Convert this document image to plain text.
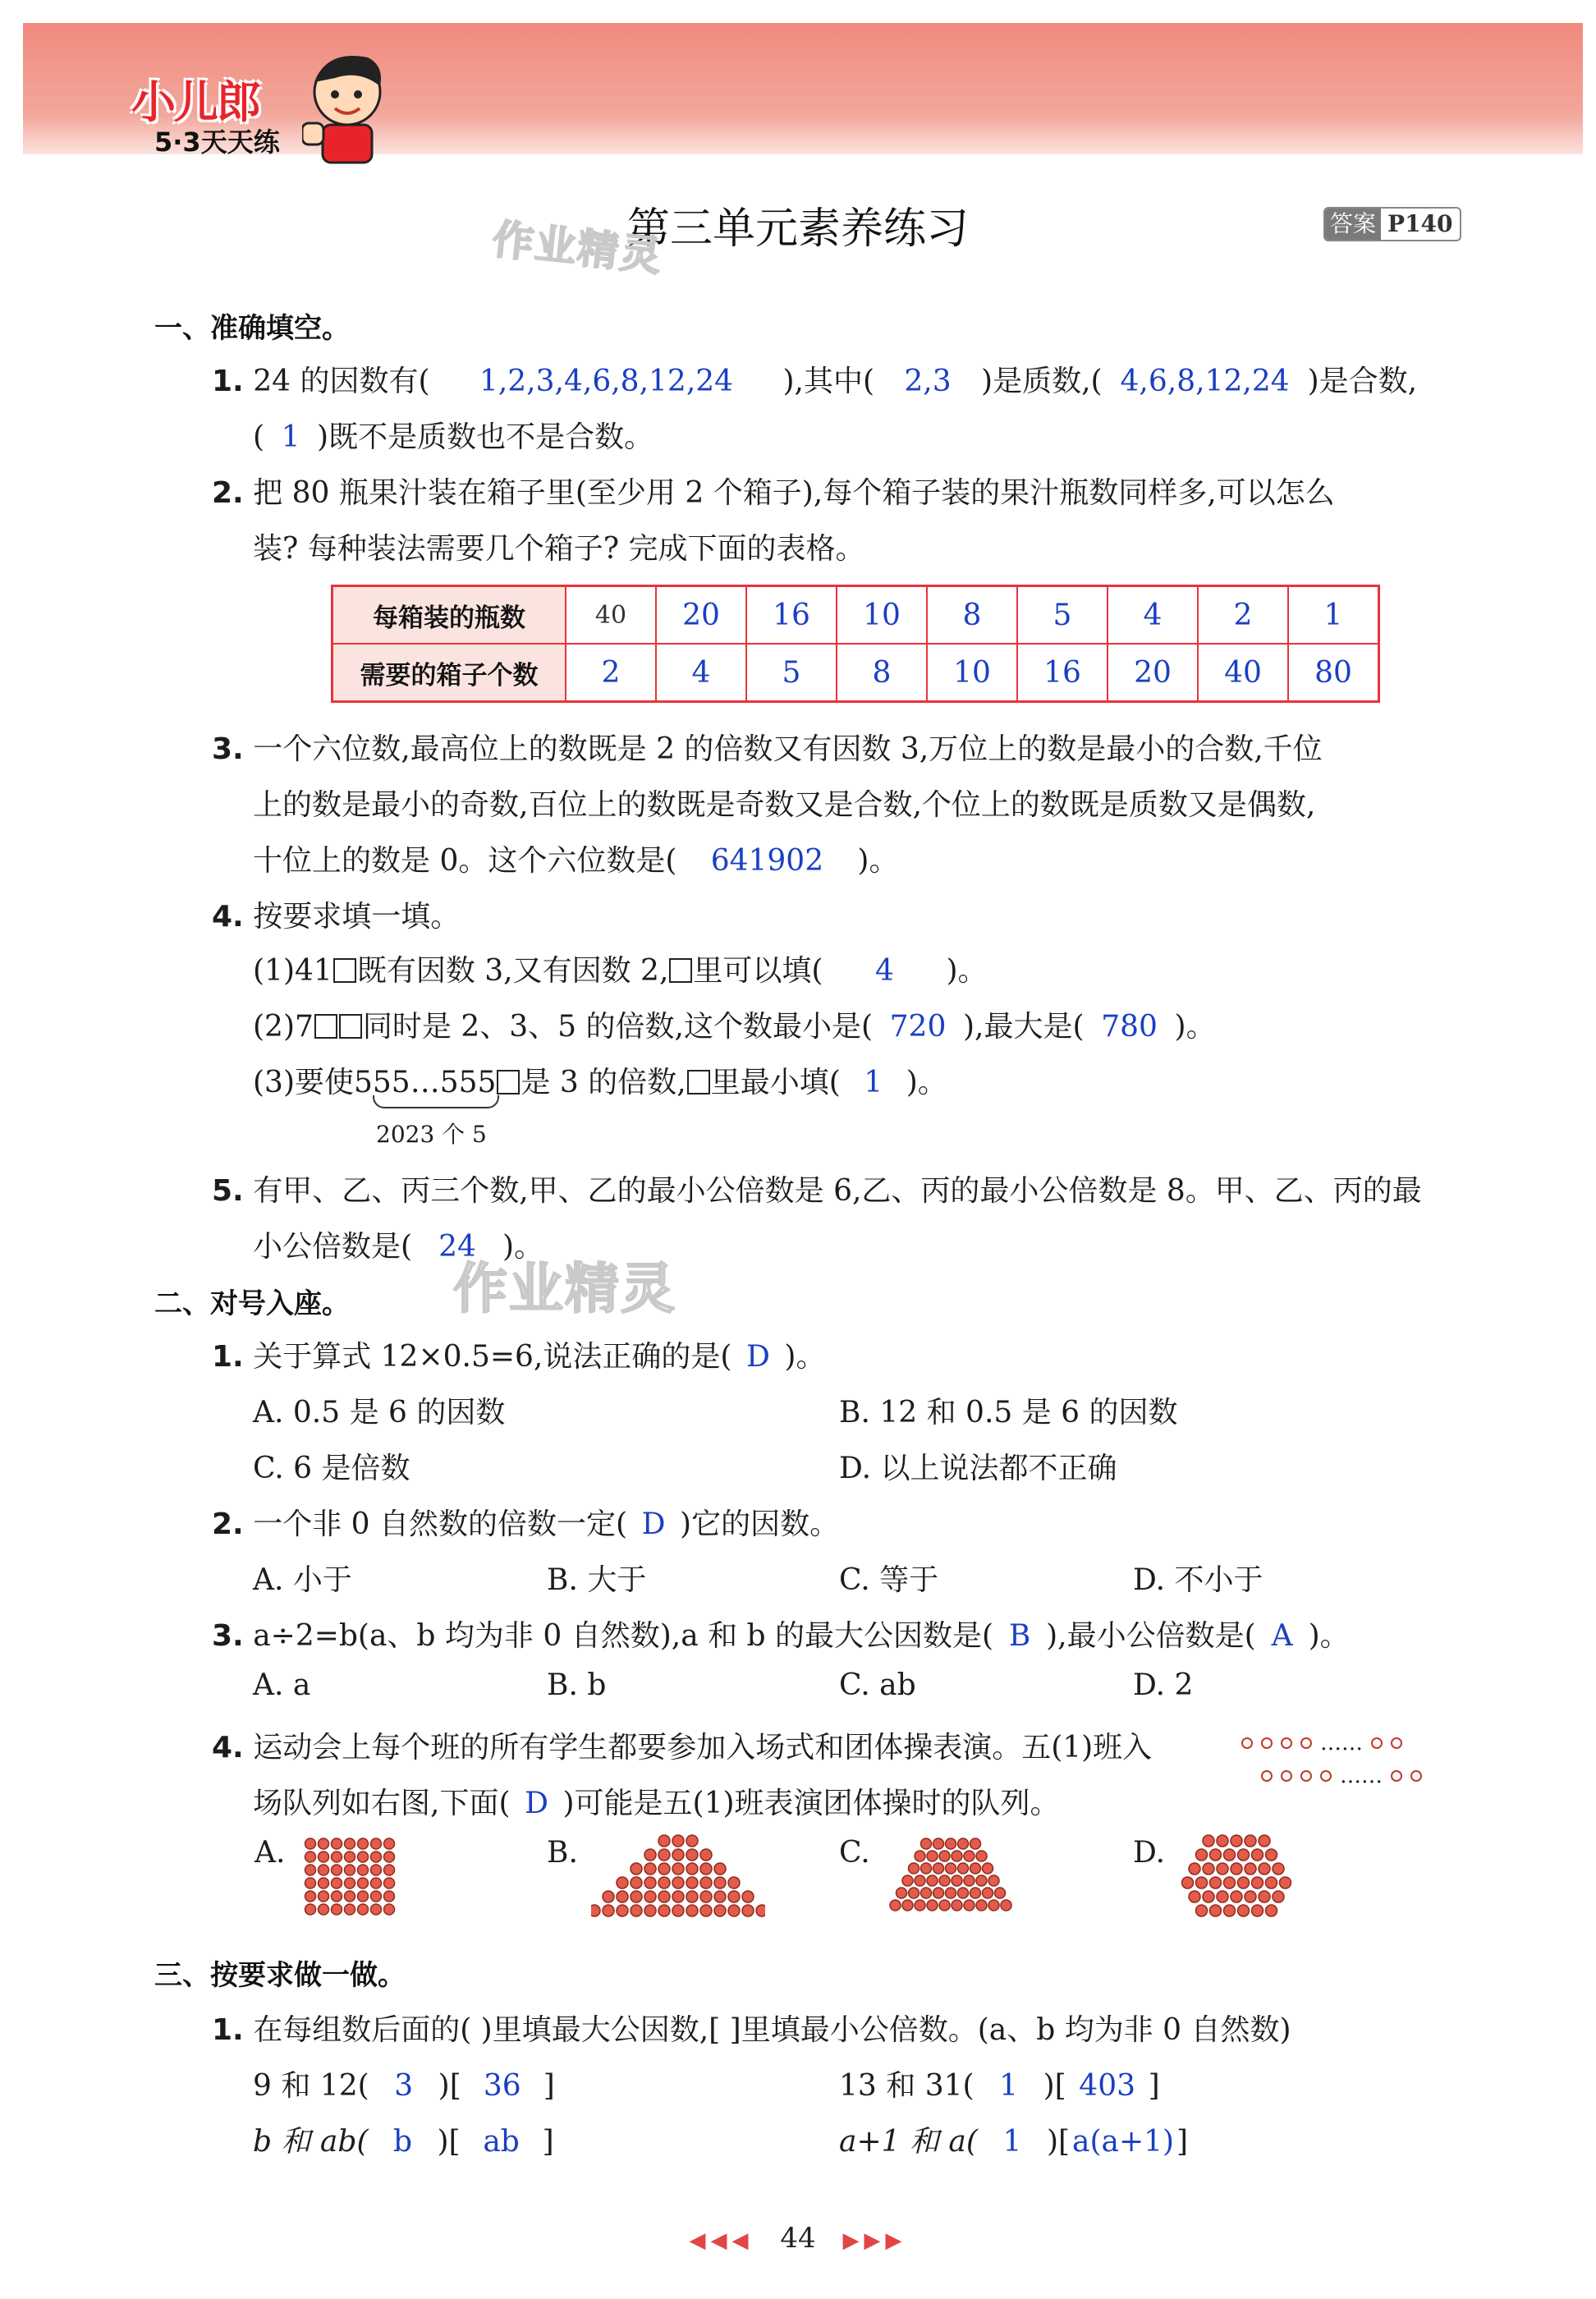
小儿郎
5·3天天练
第三单元素养练习	答案 P140
作业精灵
作业精灵
一、准确填空。
1. 24 的因数有( 1,2,3,4,6,8,12,24 ),其中( 2,3 )是质数,( 4,6,8,12,24 )是合数,
( 1 )既不是质数也不是合数。
2. 把 80 瓶果汁装在箱子里(至少用 2 个箱子),每个箱子装的果汁瓶数同样多,可以怎么
装? 每种装法需要几个箱子? 完成下面的表格。
每箱装的瓶数	40	20	16	10	8	5	4	2	1
需要的箱子个数	2	4	5	8	10	16	20	40	80
3. 一个六位数,最高位上的数既是 2 的倍数又有因数 3,万位上的数是最小的合数,千位
上的数是最小的奇数,百位上的数既是奇数又是合数,个位上的数既是质数又是偶数,
十位上的数是 0。这个六位数是( 641902 )。
4. 按要求填一填。
(1)41 既有因数 3,又有因数 2, 里可以填( 4 )。
(2)7 同时是 2、3、5 的倍数,这个数最小是( 720 ),最大是( 780 )。
(3)要使555…555 是 3 的倍数, 里最小填( 1 )。
2023 个 5
5. 有甲、乙、丙三个数,甲、乙的最小公倍数是 6,乙、丙的最小公倍数是 8。甲、乙、丙的最
小公倍数是( 24 )。
二、对号入座。
1. 关于算式 12×0.5=6,说法正确的是( D )。
A. 0.5 是 6 的因数	B. 12 和 0.5 是 6 的因数
C. 6 是倍数	D. 以上说法都不正确
2. 一个非 0 自然数的倍数一定( D )它的因数。
A. 小于	B. 大于	C. 等于	D. 不小于
3. a÷2=b(a、b 均为非 0 自然数),a 和 b 的最大公因数是( B ),最小公倍数是( A )。
A. a	B. b	C. ab	D. 2
4. 运动会上每个班的所有学生都要参加入场式和团体操表演。五(1)班入
场队列如右图,下面( D )可能是五(1)班表演团体操时的队列。
……
……
A.	B.	C.	D.
三、按要求做一做。
1. 在每组数后面的( )里填最大公因数,[ ]里填最小公倍数。(a、b 均为非 0 自然数)
9 和 12( 3 )[ 36 ]	13 和 31( 1 )[ 403 ]
b 和 ab( b )[ ab ]	a+1 和 a( 1 )[a(a+1)]
◀◀◀ 44 ▶▶▶
